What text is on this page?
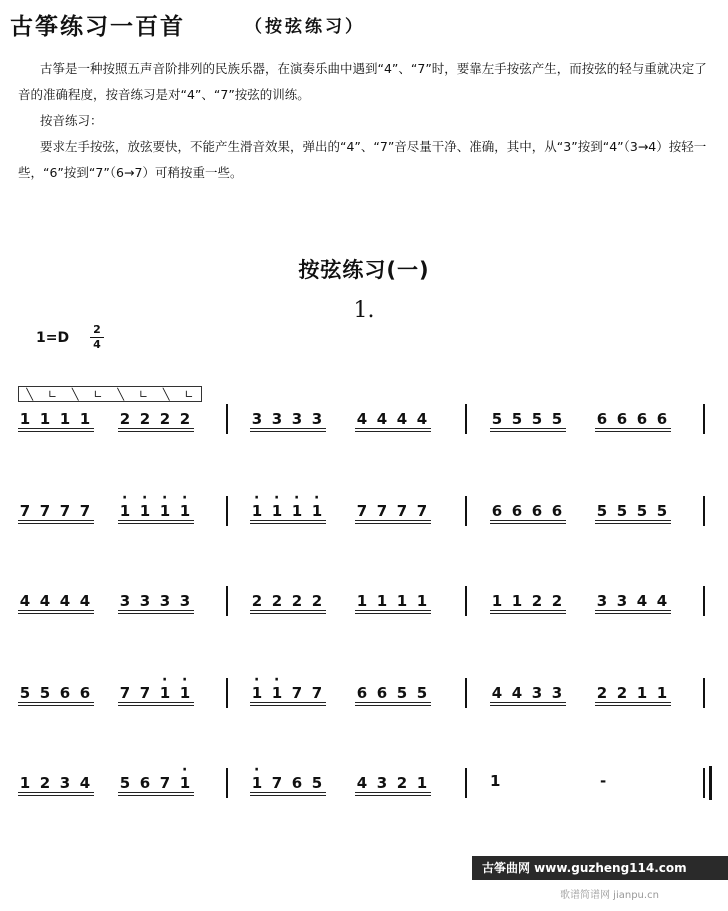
古筝练习一百首	（按弦练习）
古筝是一种按照五声音阶排列的民族乐器，在演奏乐曲中遇到“4”、“7”时，要靠左手按弦产生，而按弦的轻与重就决定了音的准确程度，按音练习是对“4”、“7”按弦的训练。
按音练习：
要求左手按弦，放弦要快，不能产生滑音效果，弹出的“4”、“7”音尽量干净、准确，其中，从“3”按到“4”（3→4）按轻一些，“6”按到“7”（6→7）可稍按重一些。
按弦练习(一)
1.
1=D
2
4
╲ ∟ ╲ ∟ ╲ ∟ ╲ ∟
1 1 1 1 2 2 2 2	3 3 3 3 4 4 4 4	5 5 5 5 6 6 6 6
7 7 7 7 · 1 · 1 · 1 · 1	· 1 · 1 · 1 · 1 7 7 7 7	6 6 6 6 5 5 5 5
4 4 4 4 3 3 3 3	2 2 2 2 1 1 1 1	1 1 2 2 3 3 4 4
5 5 6 6 7 7 · 1 · 1	· 1 · 1 7 7 6 6 5 5	4 4 3 3 2 2 1 1
1 2 3 4 5 6 7 · 1	· 1 7 6 5 4 3 2 1	1	-
古筝曲网 www.guzheng114.com
歌谱简谱网 jianpu.cn
